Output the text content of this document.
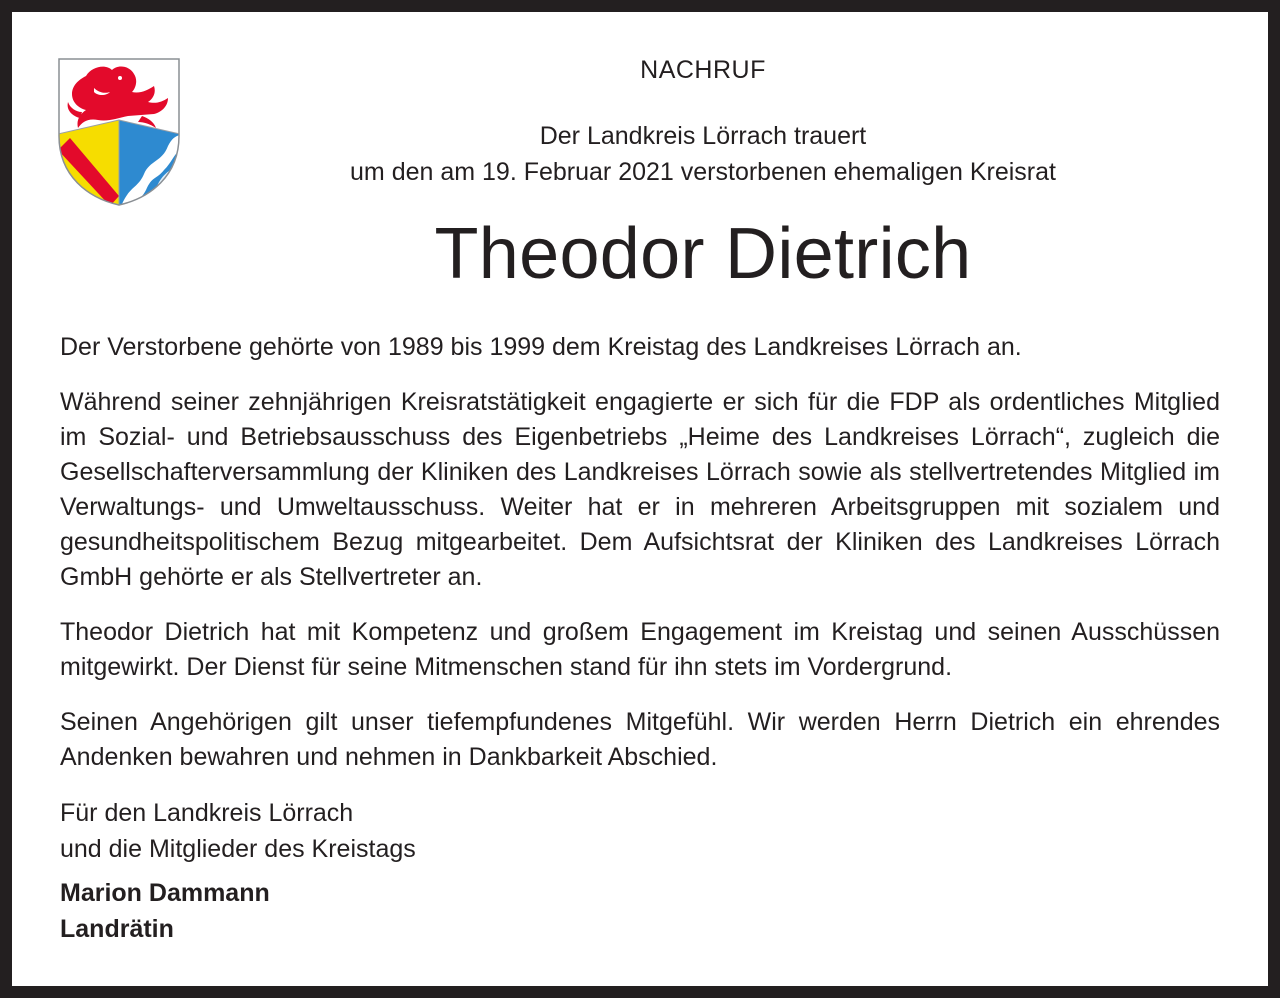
NACHRUF
Der Landkreis Lörrach trauert
um den am 19. Februar 2021 verstorbenen ehemaligen Kreisrat
Theodor Dietrich

Der Verstorbene gehörte von 1989 bis 1999 dem Kreistag des Landkreises Lörrach an.

Während seiner zehnjährigen Kreisratstätigkeit engagierte er sich für die FDP als ordentliches Mitglied im Sozial- und Betriebsausschuss des Eigenbetriebs „Heime des Landkreises Lörrach“, zugleich die Gesellschafterversammlung der Kliniken des Landkreises Lörrach sowie als stellvertretendes Mitglied im Verwaltungs- und Umweltausschuss. Weiter hat er in mehreren Arbeitsgruppen mit sozialem und gesundheitspolitischem Bezug mitgearbeitet. Dem Aufsichtsrat der Kliniken des Landkreises Lörrach GmbH gehörte er als Stellvertreter an.

Theodor Dietrich hat mit Kompetenz und großem Engagement im Kreistag und seinen Ausschüssen mitgewirkt. Der Dienst für seine Mitmenschen stand für ihn stets im Vordergrund.

Seinen Angehörigen gilt unser tiefempfundenes Mitgefühl. Wir werden Herrn Dietrich ein ehrendes Andenken bewahren und nehmen in Dankbarkeit Abschied.

Für den Landkreis Lörrach
und die Mitglieder des Kreistags
Marion Dammann
Landrätin
